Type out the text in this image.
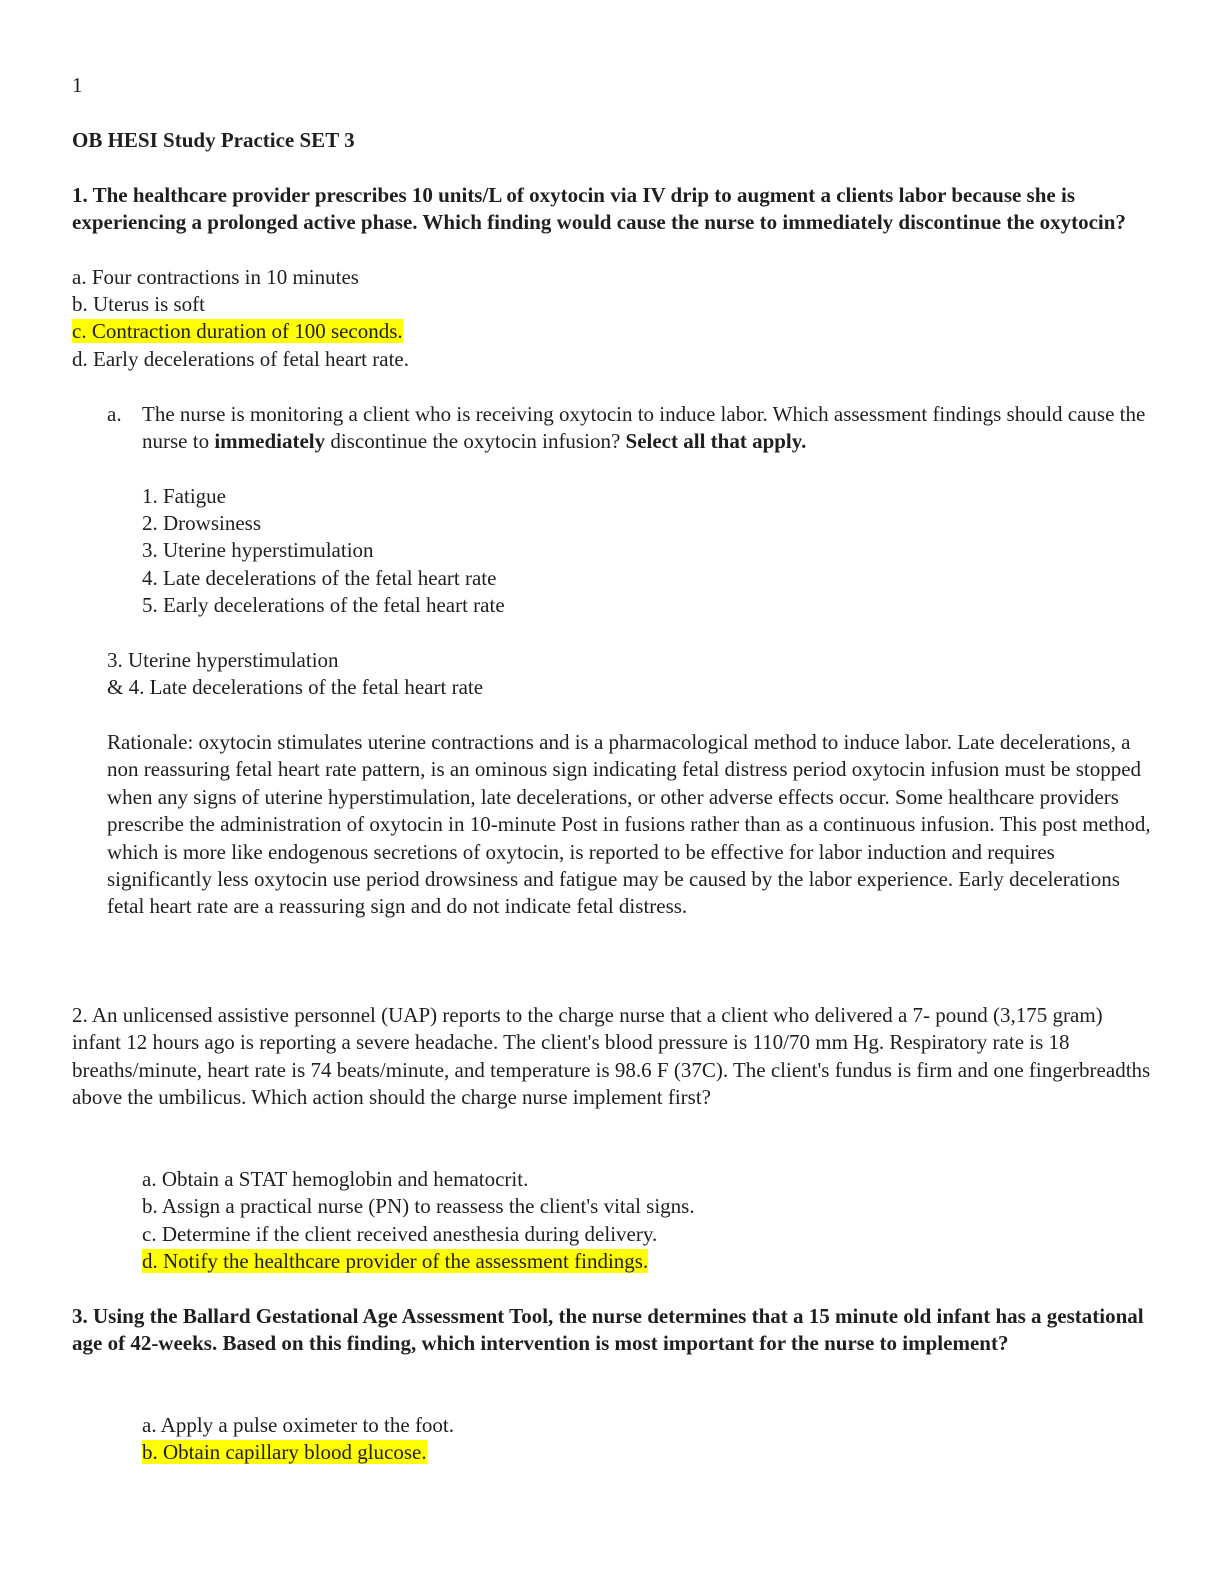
1

OB HESI Study Practice SET 3

1. The healthcare provider prescribes 10 units/L of oxytocin via IV drip to augment a clients labor because she is experiencing a prolonged active phase. Which finding would cause the nurse to immediately discontinue the oxytocin?

a. Four contractions in 10 minutes

b. Uterus is soft

c. Contraction duration of 100 seconds.

d. Early decelerations of fetal heart rate.

a. The nurse is monitoring a client who is receiving oxytocin to induce labor. Which assessment findings should cause the nurse to immediately discontinue the oxytocin infusion? Select all that apply.

1. Fatigue

2. Drowsiness

3. Uterine hyperstimulation

4. Late decelerations of the fetal heart rate

5. Early decelerations of the fetal heart rate

3. Uterine hyperstimulation

& 4. Late decelerations of the fetal heart rate

Rationale: oxytocin stimulates uterine contractions and is a pharmacological method to induce labor. Late decelerations, a non reassuring fetal heart rate pattern, is an ominous sign indicating fetal distress period oxytocin infusion must be stopped when any signs of uterine hyperstimulation, late decelerations, or other adverse effects occur. Some healthcare providers prescribe the administration of oxytocin in 10-minute Post in fusions rather than as a continuous infusion. This post method, which is more like endogenous secretions of oxytocin, is reported to be effective for labor induction and requires significantly less oxytocin use period drowsiness and fatigue may be caused by the labor experience. Early decelerations fetal heart rate are a reassuring sign and do not indicate fetal distress.

2. An unlicensed assistive personnel (UAP) reports to the charge nurse that a client who delivered a 7- pound (3,175 gram) infant 12 hours ago is reporting a severe headache. The client's blood pressure is 110/70 mm Hg. Respiratory rate is 18 breaths/minute, heart rate is 74 beats/minute, and temperature is 98.6 F (37C). The client's fundus is firm and one fingerbreadths above the umbilicus. Which action should the charge nurse implement first?

a. Obtain a STAT hemoglobin and hematocrit.

b. Assign a practical nurse (PN) to reassess the client's vital signs.

c. Determine if the client received anesthesia during delivery.

d. Notify the healthcare provider of the assessment findings.

3. Using the Ballard Gestational Age Assessment Tool, the nurse determines that a 15 minute old infant has a gestational age of 42-weeks. Based on this finding, which intervention is most important for the nurse to implement?

a. Apply a pulse oximeter to the foot.

b. Obtain capillary blood glucose.
